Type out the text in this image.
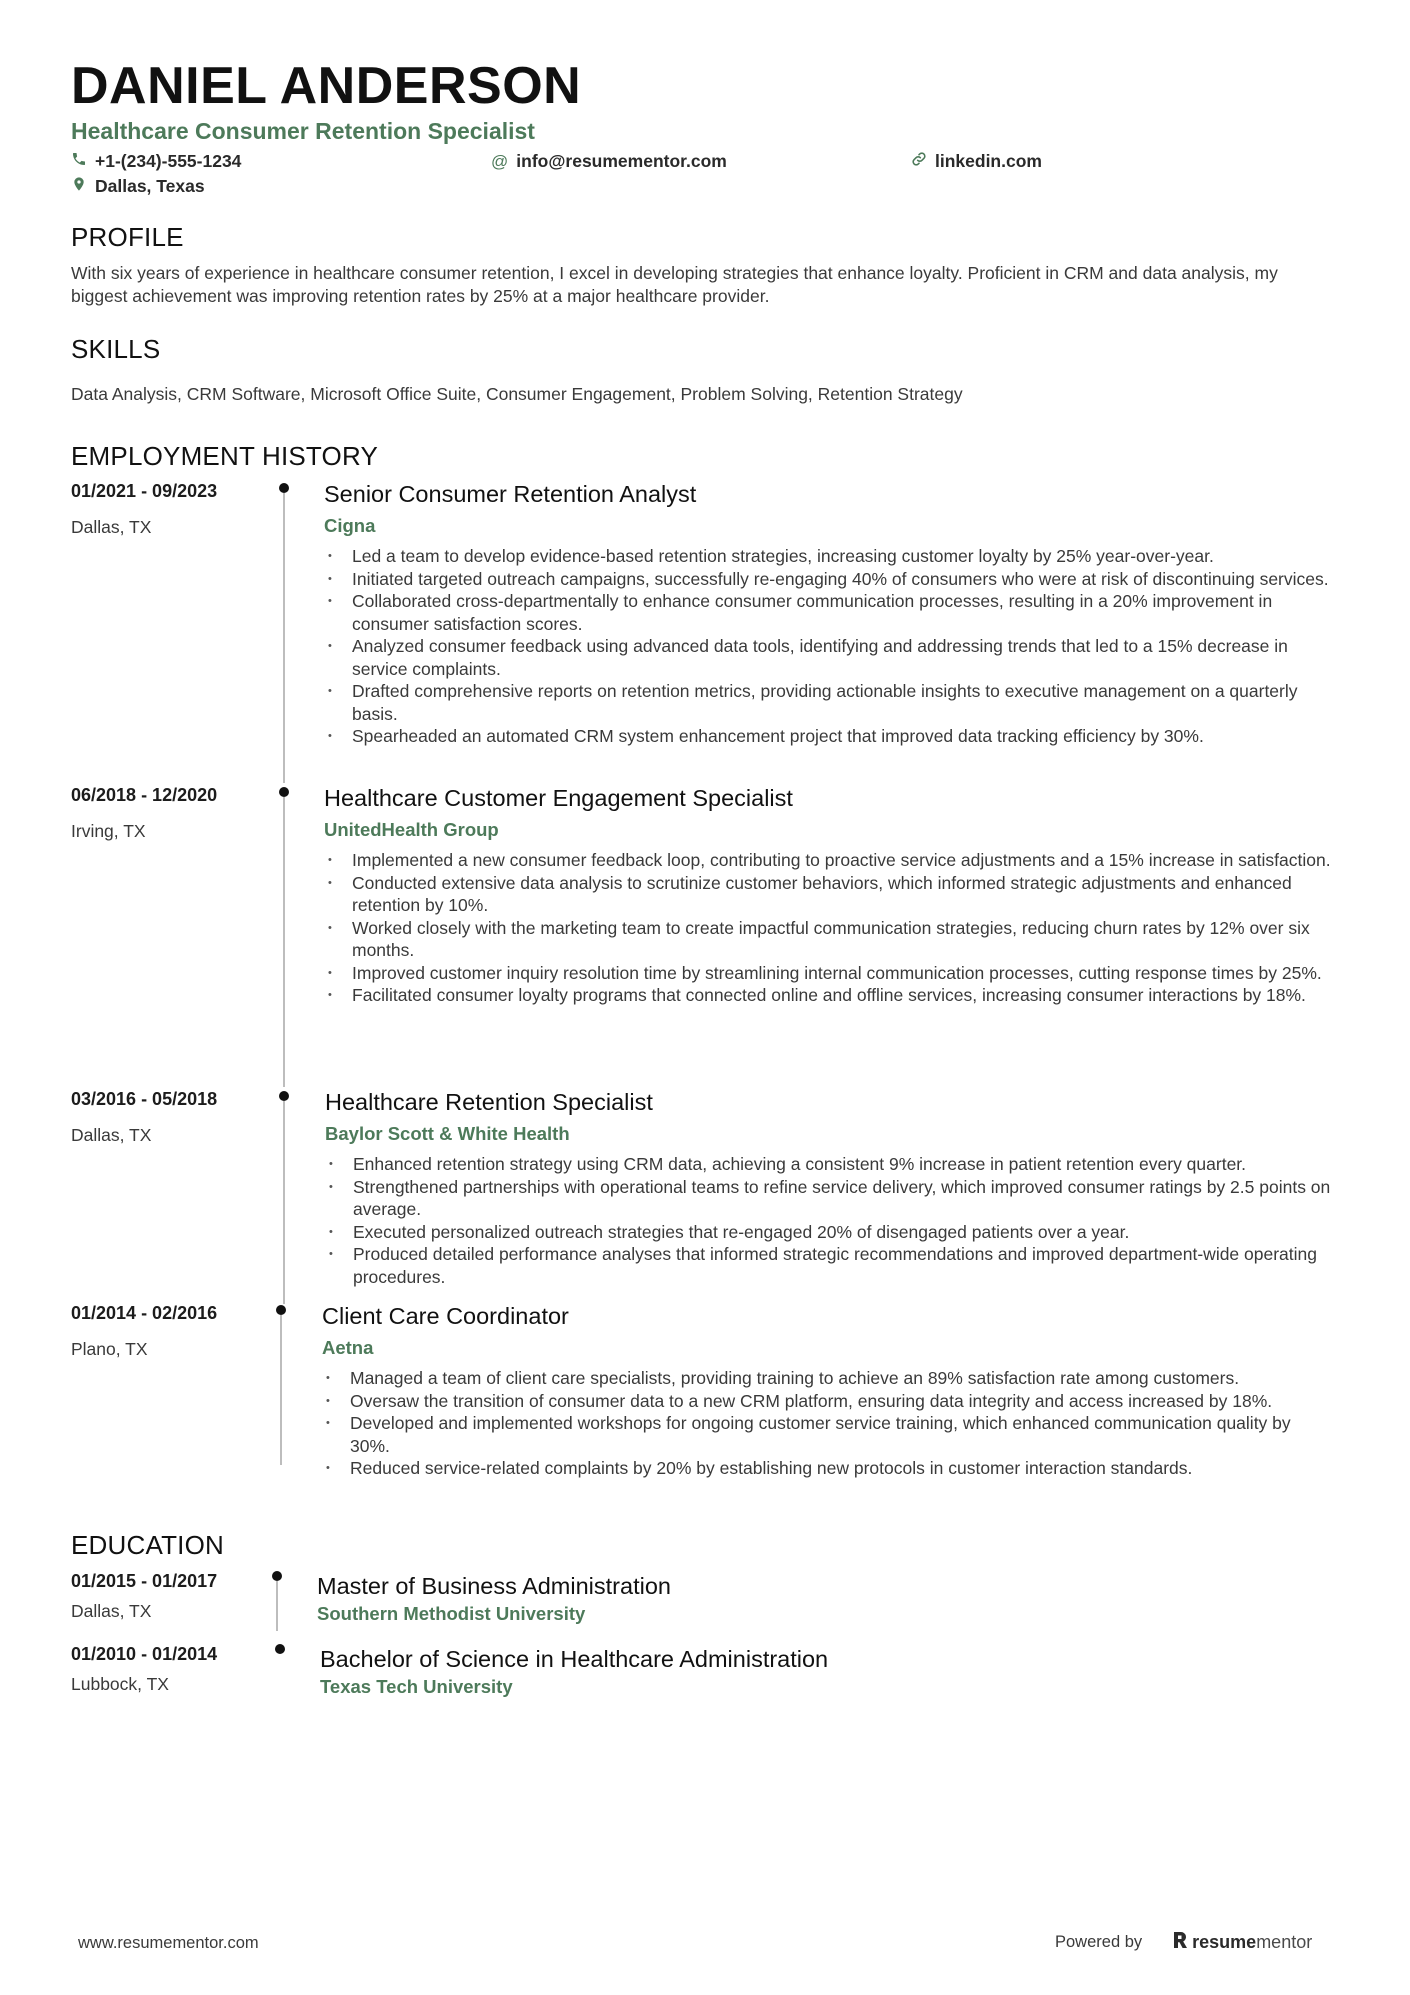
DANIEL ANDERSON
Healthcare Consumer Retention Specialist
+1-(234)-555-1234	@ info@resumementor.com	linkedin.com
Dallas, Texas
PROFILE
With six years of experience in healthcare consumer retention, I excel in developing strategies that enhance loyalty. Proficient in CRM and data analysis, my biggest achievement was improving retention rates by 25% at a major healthcare provider.
SKILLS
Data Analysis, CRM Software, Microsoft Office Suite, Consumer Engagement, Problem Solving, Retention Strategy
EMPLOYMENT HISTORY
01/2021 - 09/2023
Dallas, TX
Senior Consumer Retention Analyst
Cigna
• Led a team to develop evidence-based retention strategies, increasing customer loyalty by 25% year-over-year.
• Initiated targeted outreach campaigns, successfully re-engaging 40% of consumers who were at risk of discontinuing services.
• Collaborated cross-departmentally to enhance consumer communication processes, resulting in a 20% improvement in consumer satisfaction scores.
• Analyzed consumer feedback using advanced data tools, identifying and addressing trends that led to a 15% decrease in service complaints.
• Drafted comprehensive reports on retention metrics, providing actionable insights to executive management on a quarterly basis.
• Spearheaded an automated CRM system enhancement project that improved data tracking efficiency by 30%.
06/2018 - 12/2020
Irving, TX
Healthcare Customer Engagement Specialist
UnitedHealth Group
• Implemented a new consumer feedback loop, contributing to proactive service adjustments and a 15% increase in satisfaction.
• Conducted extensive data analysis to scrutinize customer behaviors, which informed strategic adjustments and enhanced retention by 10%.
• Worked closely with the marketing team to create impactful communication strategies, reducing churn rates by 12% over six months.
• Improved customer inquiry resolution time by streamlining internal communication processes, cutting response times by 25%.
• Facilitated consumer loyalty programs that connected online and offline services, increasing consumer interactions by 18%.
03/2016 - 05/2018
Dallas, TX
Healthcare Retention Specialist
Baylor Scott & White Health
• Enhanced retention strategy using CRM data, achieving a consistent 9% increase in patient retention every quarter.
• Strengthened partnerships with operational teams to refine service delivery, which improved consumer ratings by 2.5 points on average.
• Executed personalized outreach strategies that re-engaged 20% of disengaged patients over a year.
• Produced detailed performance analyses that informed strategic recommendations and improved department-wide operating procedures.
01/2014 - 02/2016
Plano, TX
Client Care Coordinator
Aetna
• Managed a team of client care specialists, providing training to achieve an 89% satisfaction rate among customers.
• Oversaw the transition of consumer data to a new CRM platform, ensuring data integrity and access increased by 18%.
• Developed and implemented workshops for ongoing customer service training, which enhanced communication quality by 30%.
• Reduced service-related complaints by 20% by establishing new protocols in customer interaction standards.
EDUCATION
01/2015 - 01/2017
Dallas, TX
Master of Business Administration
Southern Methodist University
01/2010 - 01/2014
Lubbock, TX
Bachelor of Science in Healthcare Administration
Texas Tech University
www.resumementor.com	Powered by	resume mentor
